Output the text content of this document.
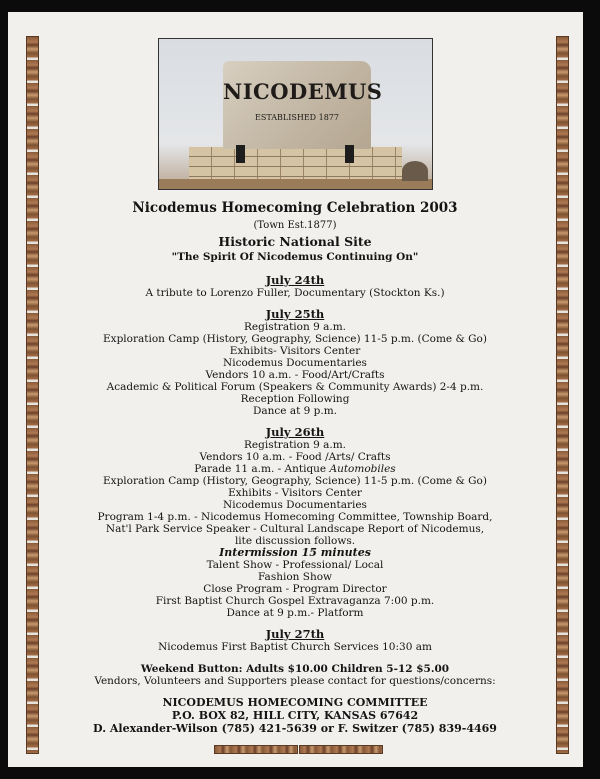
NICODEMUS
ESTABLISHED 1877
Nicodemus Homecoming Celebration 2003
(Town Est.1877)
Historic National Site
"The Spirit Of Nicodemus Continuing On"
July 24th
A tribute to Lorenzo Fuller, Documentary (Stockton Ks.)
July 25th
Registration 9 a.m.
Exploration Camp (History, Geography, Science) 11-5 p.m. (Come & Go)
Exhibits- Visitors Center
Nicodemus Documentaries
Vendors 10 a.m. - Food/Art/Crafts
Academic & Political Forum (Speakers & Community Awards) 2-4 p.m.
Reception Following
Dance at 9 p.m.
July 26th
Registration 9 a.m.
Vendors 10 a.m. - Food /Arts/ Crafts
Parade 11 a.m. - Antique Automobiles
Exploration Camp (History, Geography, Science) 11-5 p.m. (Come & Go)
Exhibits - Visitors Center
Nicodemus Documentaries
Program 1-4 p.m. - Nicodemus Homecoming Committee, Township Board,
Nat'l Park Service Speaker - Cultural Landscape Report of Nicodemus,
lite discussion follows.
Intermission 15 minutes
Talent Show - Professional/ Local
Fashion Show
Close Program - Program Director
First Baptist Church Gospel Extravaganza 7:00 p.m.
Dance at 9 p.m.- Platform
July 27th
Nicodemus First Baptist Church Services 10:30 am
Weekend Button: Adults $10.00 Children 5-12 $5.00
Vendors, Volunteers and Supporters please contact for questions/concerns:
NICODEMUS HOMECOMING COMMITTEE
P.O. BOX 82, HILL CITY, KANSAS 67642
D. Alexander-Wilson (785) 421-5639 or F. Switzer (785) 839-4469
